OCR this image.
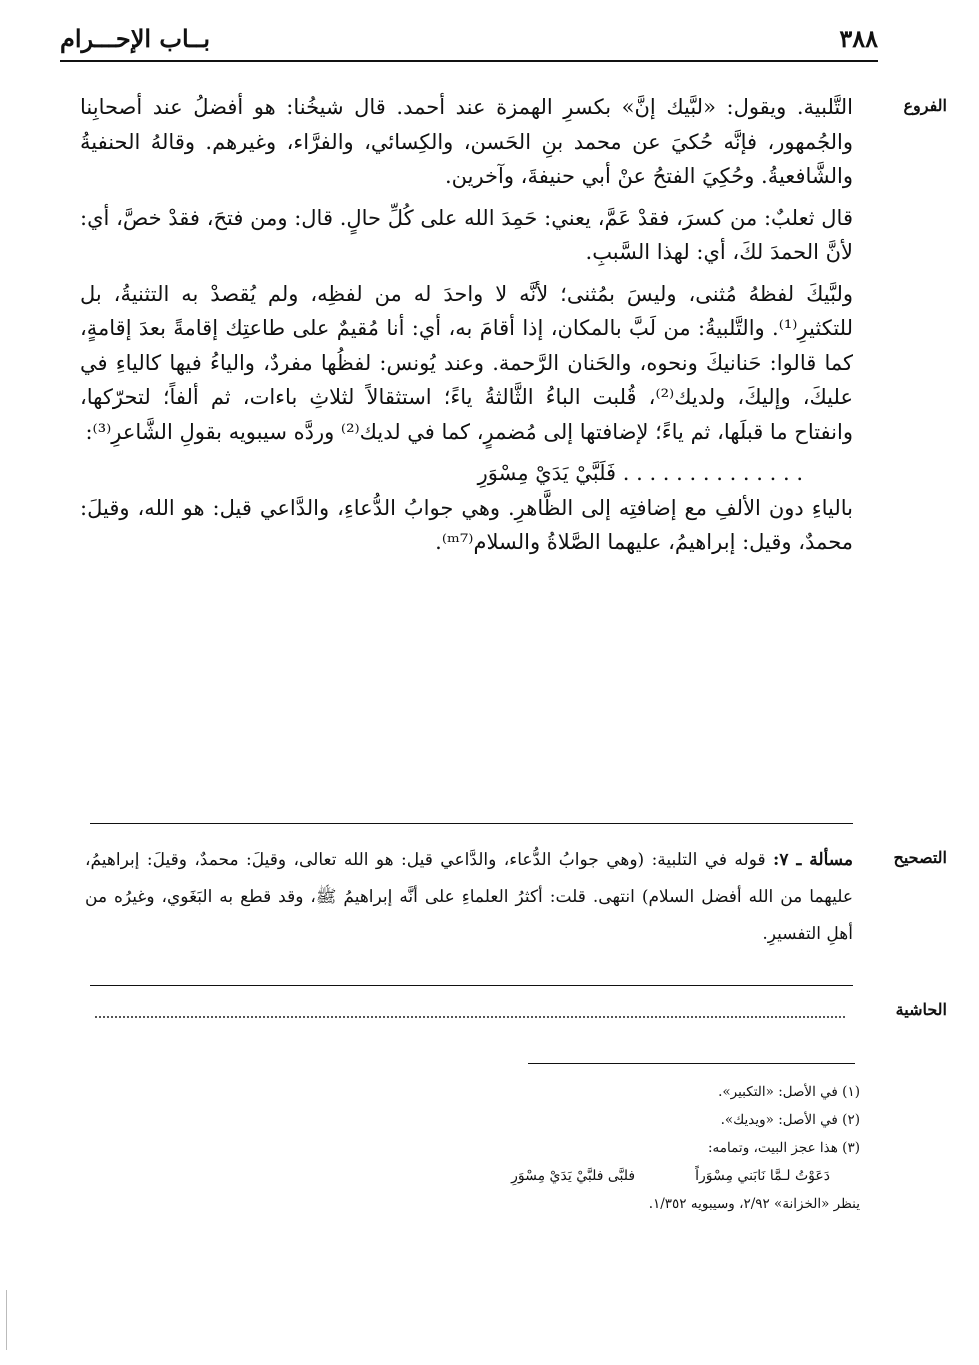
بــاب الإحـــرام	٣٨٨
الفروع

التَّلبية. ويقول: «لبَّيك إنَّ» بكسرِ الهمزة عند أحمد. قال شيخُنا: هو أفضلُ عند أصحابِنا والجُمهور، فإنَّه حُكيَ عن محمد بنِ الحَسن، والكِسائي، والفرَّاء، وغيرهم. وقالهُ الحنفيةُ والشَّافعيةُ. وحُكِيَ الفتحُ عنْ أبي حنيفةَ، وآخرين.

قال ثعلبٌ: من كسرَ، فقدْ عَمَّ، يعني: حَمِدَ الله على كُلِّ حالٍ. قال: ومن فتحَ، فقدْ خصَّ، أي: لأنَّ الحمدَ لكَ، أي: لهذا السَّببِ.

ولبَّيكَ لفظهُ مُثنى، وليسَ بمُثنى؛ لأنَّه لا واحدَ له من لفظِه، ولم يُقصدْ به التثنيةُ، بل للتكثيرِ⁽¹⁾. والتَّلبيةُ: من لَبَّ بالمكان، إذا أقامَ به، أي: أنا مُقيمٌ على طاعتِك إقامةً بعدَ إقامةٍ، كما قالوا: حَنانيكَ ونحوه، والحَنان الرَّحمة. وعند يُونس: لفظُها مفردٌ، والياءُ فيها كالياءِ في عليكَ، وإليكَ، ولديك⁽²⁾، قُلبت الباءُ الثَّالثةُ ياءً؛ استثقالاً لثلاثِ باءات، ثم ألفاً؛ لتحرّكها، وانفتاح ما قبلَها، ثم ياءً؛ لإضافتها إلى مُضمرٍ، كما في لديك⁽²⁾ وردَّه سيبويه بقولِ الشَّاعرِ⁽³⁾:

. . . . . . . . . . . . . . فَلَبَّيْ يَدَيْ مِسْوَرِ

بالياءِ دون الألفِ مع إضافتِه إلى الظَّاهرِ. وهي جوابُ الدُّعاءِ، والدَّاعي قيل: هو الله، وقيلَ: محمدٌ، وقيل: إبراهيمُ، عليهما الصَّلاةُ والسلام⁽ᵐ⁷⁾.

التصحيح
مسألة ـ ٧: قوله في التلبية: (وهي جوابُ الدُّعاء، والدَّاعي قيل: هو الله تعالى، وقيلَ: محمدٌ، وقيلَ: إبراهيمُ، عليهما من الله أفضل السلام) انتهى. قلت: أكثرُ العلماءِ على أنَّه إبراهيمُ ﷺ، وقد قطع به البَغَوي، وغيرُه من أهلِ التفسيرِ.
الحاشية

(١) في الأصل: «التكبير».

(٢) في الأصل: «ويديك».

(٣) هذا عجز البيت، وتمامه:

دَعَوْتُ لـمَّا نَابَني مِسْوَراً
فلبَّى فلبَّيْ يَدَيْ مِسْوَرِ

ينظر «الخزانة» ٢/٩٢، وسيبويه ١/٣٥٢.
